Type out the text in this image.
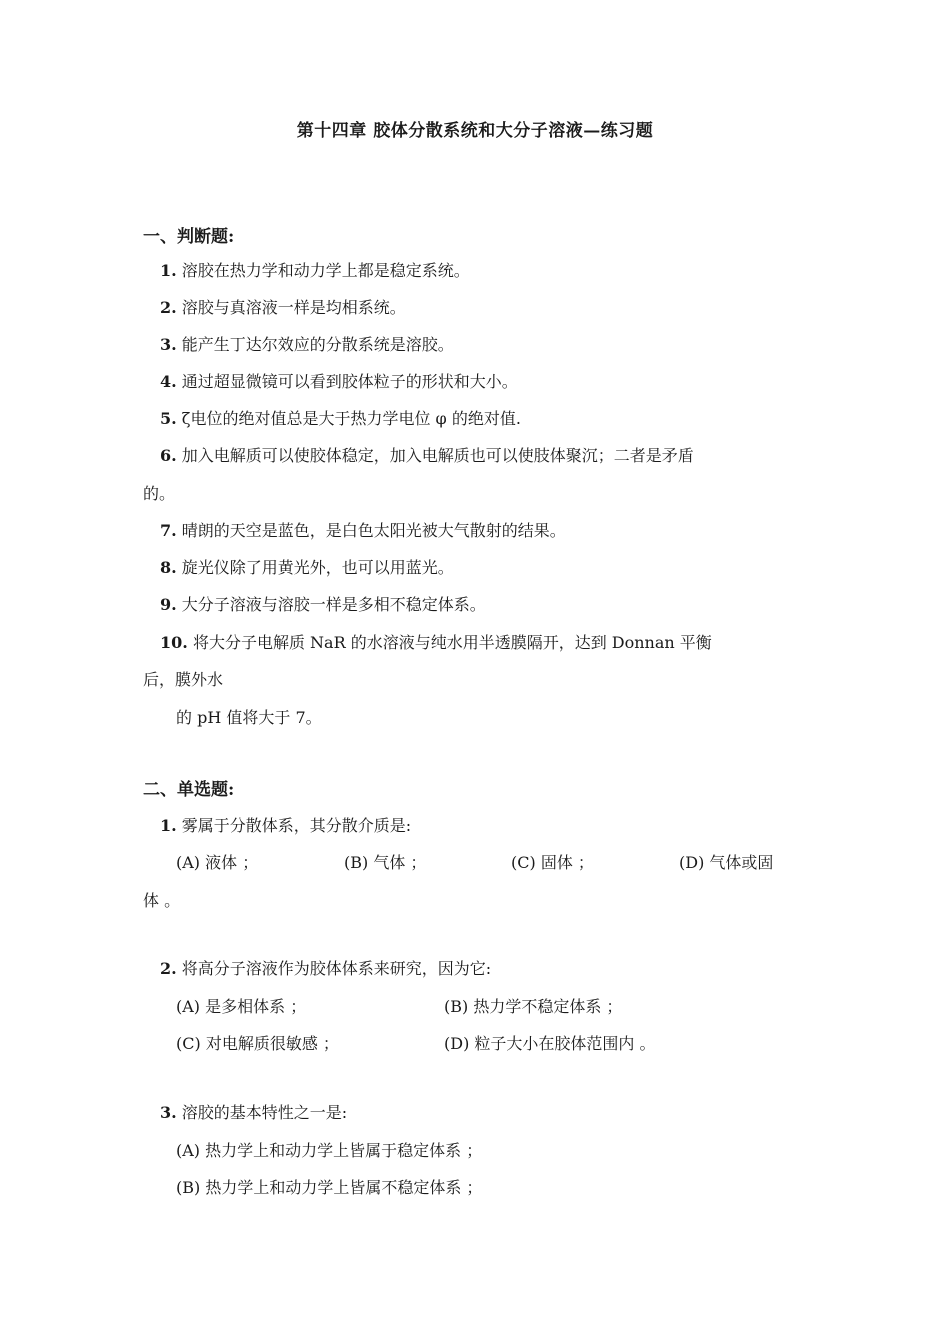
第十四章 胶体分散系统和大分子溶液—练习题
一、判断题:
1. 溶胶在热力学和动力学上都是稳定系统。
2. 溶胶与真溶液一样是均相系统。
3. 能产生丁达尔效应的分散系统是溶胶。
4. 通过超显微镜可以看到胶体粒子的形状和大小。
5. ζ电位的绝对值总是大于热力学电位 φ 的绝对值.
6. 加入电解质可以使胶体稳定，加入电解质也可以使肢体聚沉；二者是矛盾
的。
7. 晴朗的天空是蓝色，是白色太阳光被大气散射的结果。
8. 旋光仪除了用黄光外，也可以用蓝光。
9. 大分子溶液与溶胶一样是多相不稳定体系。
10. 将大分子电解质 NaR 的水溶液与纯水用半透膜隔开，达到 Donnan 平衡
后，膜外水
的 pH 值将大于 7。
二、单选题:
1. 雾属于分散体系，其分散介质是:
(A) 液体 ；	(B) 气体 ；	(C) 固体 ；	(D) 气体或固
体 。
2. 将高分子溶液作为胶体体系来研究，因为它:
(A) 是多相体系 ；	(B) 热力学不稳定体系 ；
(C) 对电解质很敏感 ；	(D) 粒子大小在胶体范围内 。
3. 溶胶的基本特性之一是:
(A) 热力学上和动力学上皆属于稳定体系 ；
(B) 热力学上和动力学上皆属不稳定体系 ；
